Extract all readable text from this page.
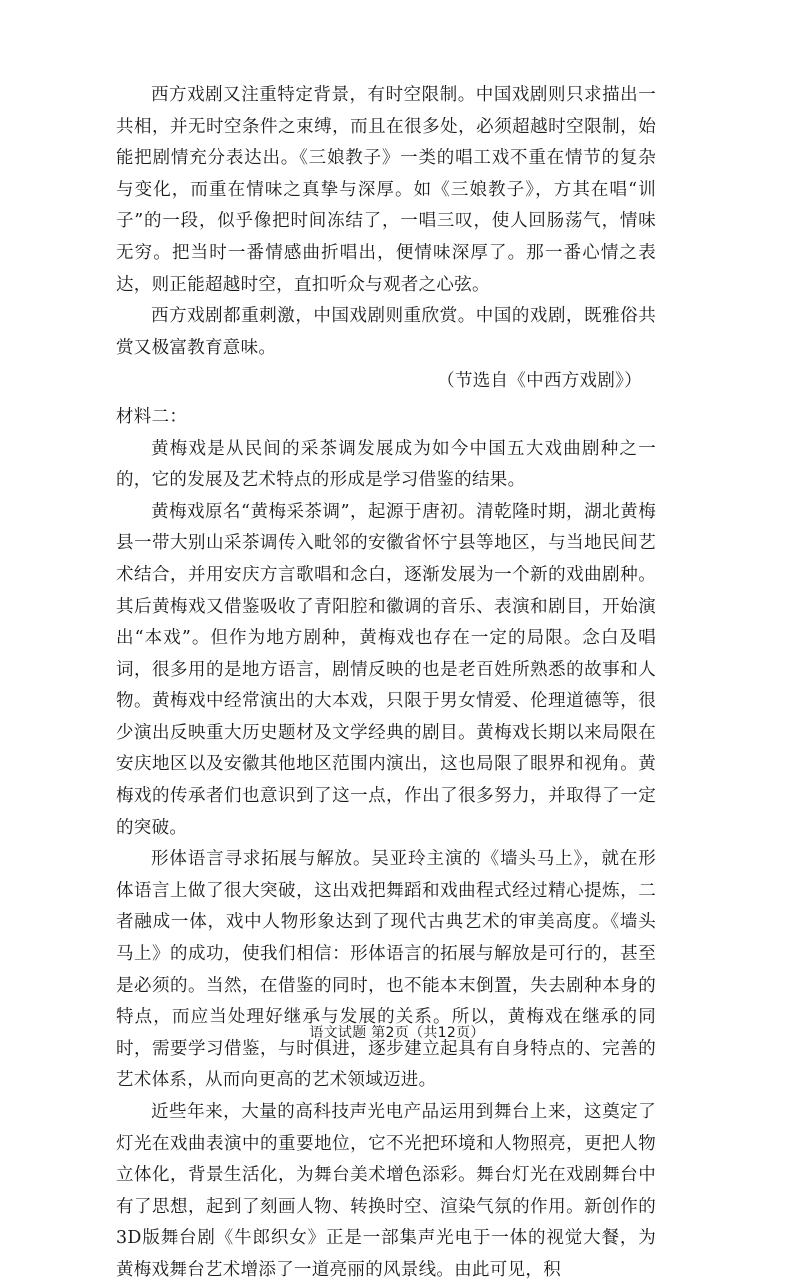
西方戏剧又注重特定背景，有时空限制。中国戏剧则只求描出一共相，并无时空条件之束缚，而且在很多处，必须超越时空限制，始能把剧情充分表达出。《三娘教子》一类的唱工戏不重在情节的复杂与变化，而重在情味之真挚与深厚。如《三娘教子》，方其在唱“训子”的一段，似乎像把时间冻结了，一唱三叹，使人回肠荡气，情味无穷。把当时一番情感曲折唱出，便情味深厚了。那一番心情之表达，则正能超越时空，直扣听众与观者之心弦。

西方戏剧都重刺激，中国戏剧则重欣赏。中国的戏剧，既雅俗共赏又极富教育意味。

（节选自《中西方戏剧》）

材料二：

黄梅戏是从民间的采茶调发展成为如今中国五大戏曲剧种之一的，它的发展及艺术特点的形成是学习借鉴的结果。

黄梅戏原名“黄梅采茶调”，起源于唐初。清乾隆时期，湖北黄梅县一带大别山采茶调传入毗邻的安徽省怀宁县等地区，与当地民间艺术结合，并用安庆方言歌唱和念白，逐渐发展为一个新的戏曲剧种。其后黄梅戏又借鉴吸收了青阳腔和徽调的音乐、表演和剧目，开始演出“本戏”。但作为地方剧种，黄梅戏也存在一定的局限。念白及唱词，很多用的是地方语言，剧情反映的也是老百姓所熟悉的故事和人物。黄梅戏中经常演出的大本戏，只限于男女情爱、伦理道德等，很少演出反映重大历史题材及文学经典的剧目。黄梅戏长期以来局限在安庆地区以及安徽其他地区范围内演出，这也局限了眼界和视角。黄梅戏的传承者们也意识到了这一点，作出了很多努力，并取得了一定的突破。

形体语言寻求拓展与解放。吴亚玲主演的《墙头马上》，就在形体语言上做了很大突破，这出戏把舞蹈和戏曲程式经过精心提炼，二者融成一体，戏中人物形象达到了现代古典艺术的审美高度。《墙头马上》的成功，使我们相信：形体语言的拓展与解放是可行的，甚至是必须的。当然，在借鉴的同时，也不能本末倒置，失去剧种本身的特点，而应当处理好继承与发展的关系。所以，黄梅戏在继承的同时，需要学习借鉴，与时俱进，逐步建立起具有自身特点的、完善的艺术体系，从而向更高的艺术领域迈进。

近些年来，大量的高科技声光电产品运用到舞台上来，这奠定了灯光在戏曲表演中的重要地位，它不光把环境和人物照亮，更把人物立体化，背景生活化，为舞台美术增色添彩。舞台灯光在戏剧舞台中有了思想，起到了刻画人物、转换时空、渲染气氛的作用。新创作的3D版舞台剧《牛郎织女》正是一部集声光电于一体的视觉大餐，为黄梅戏舞台艺术增添了一道亮丽的风景线。由此可见，积

语文试题 第2页（共12页）
